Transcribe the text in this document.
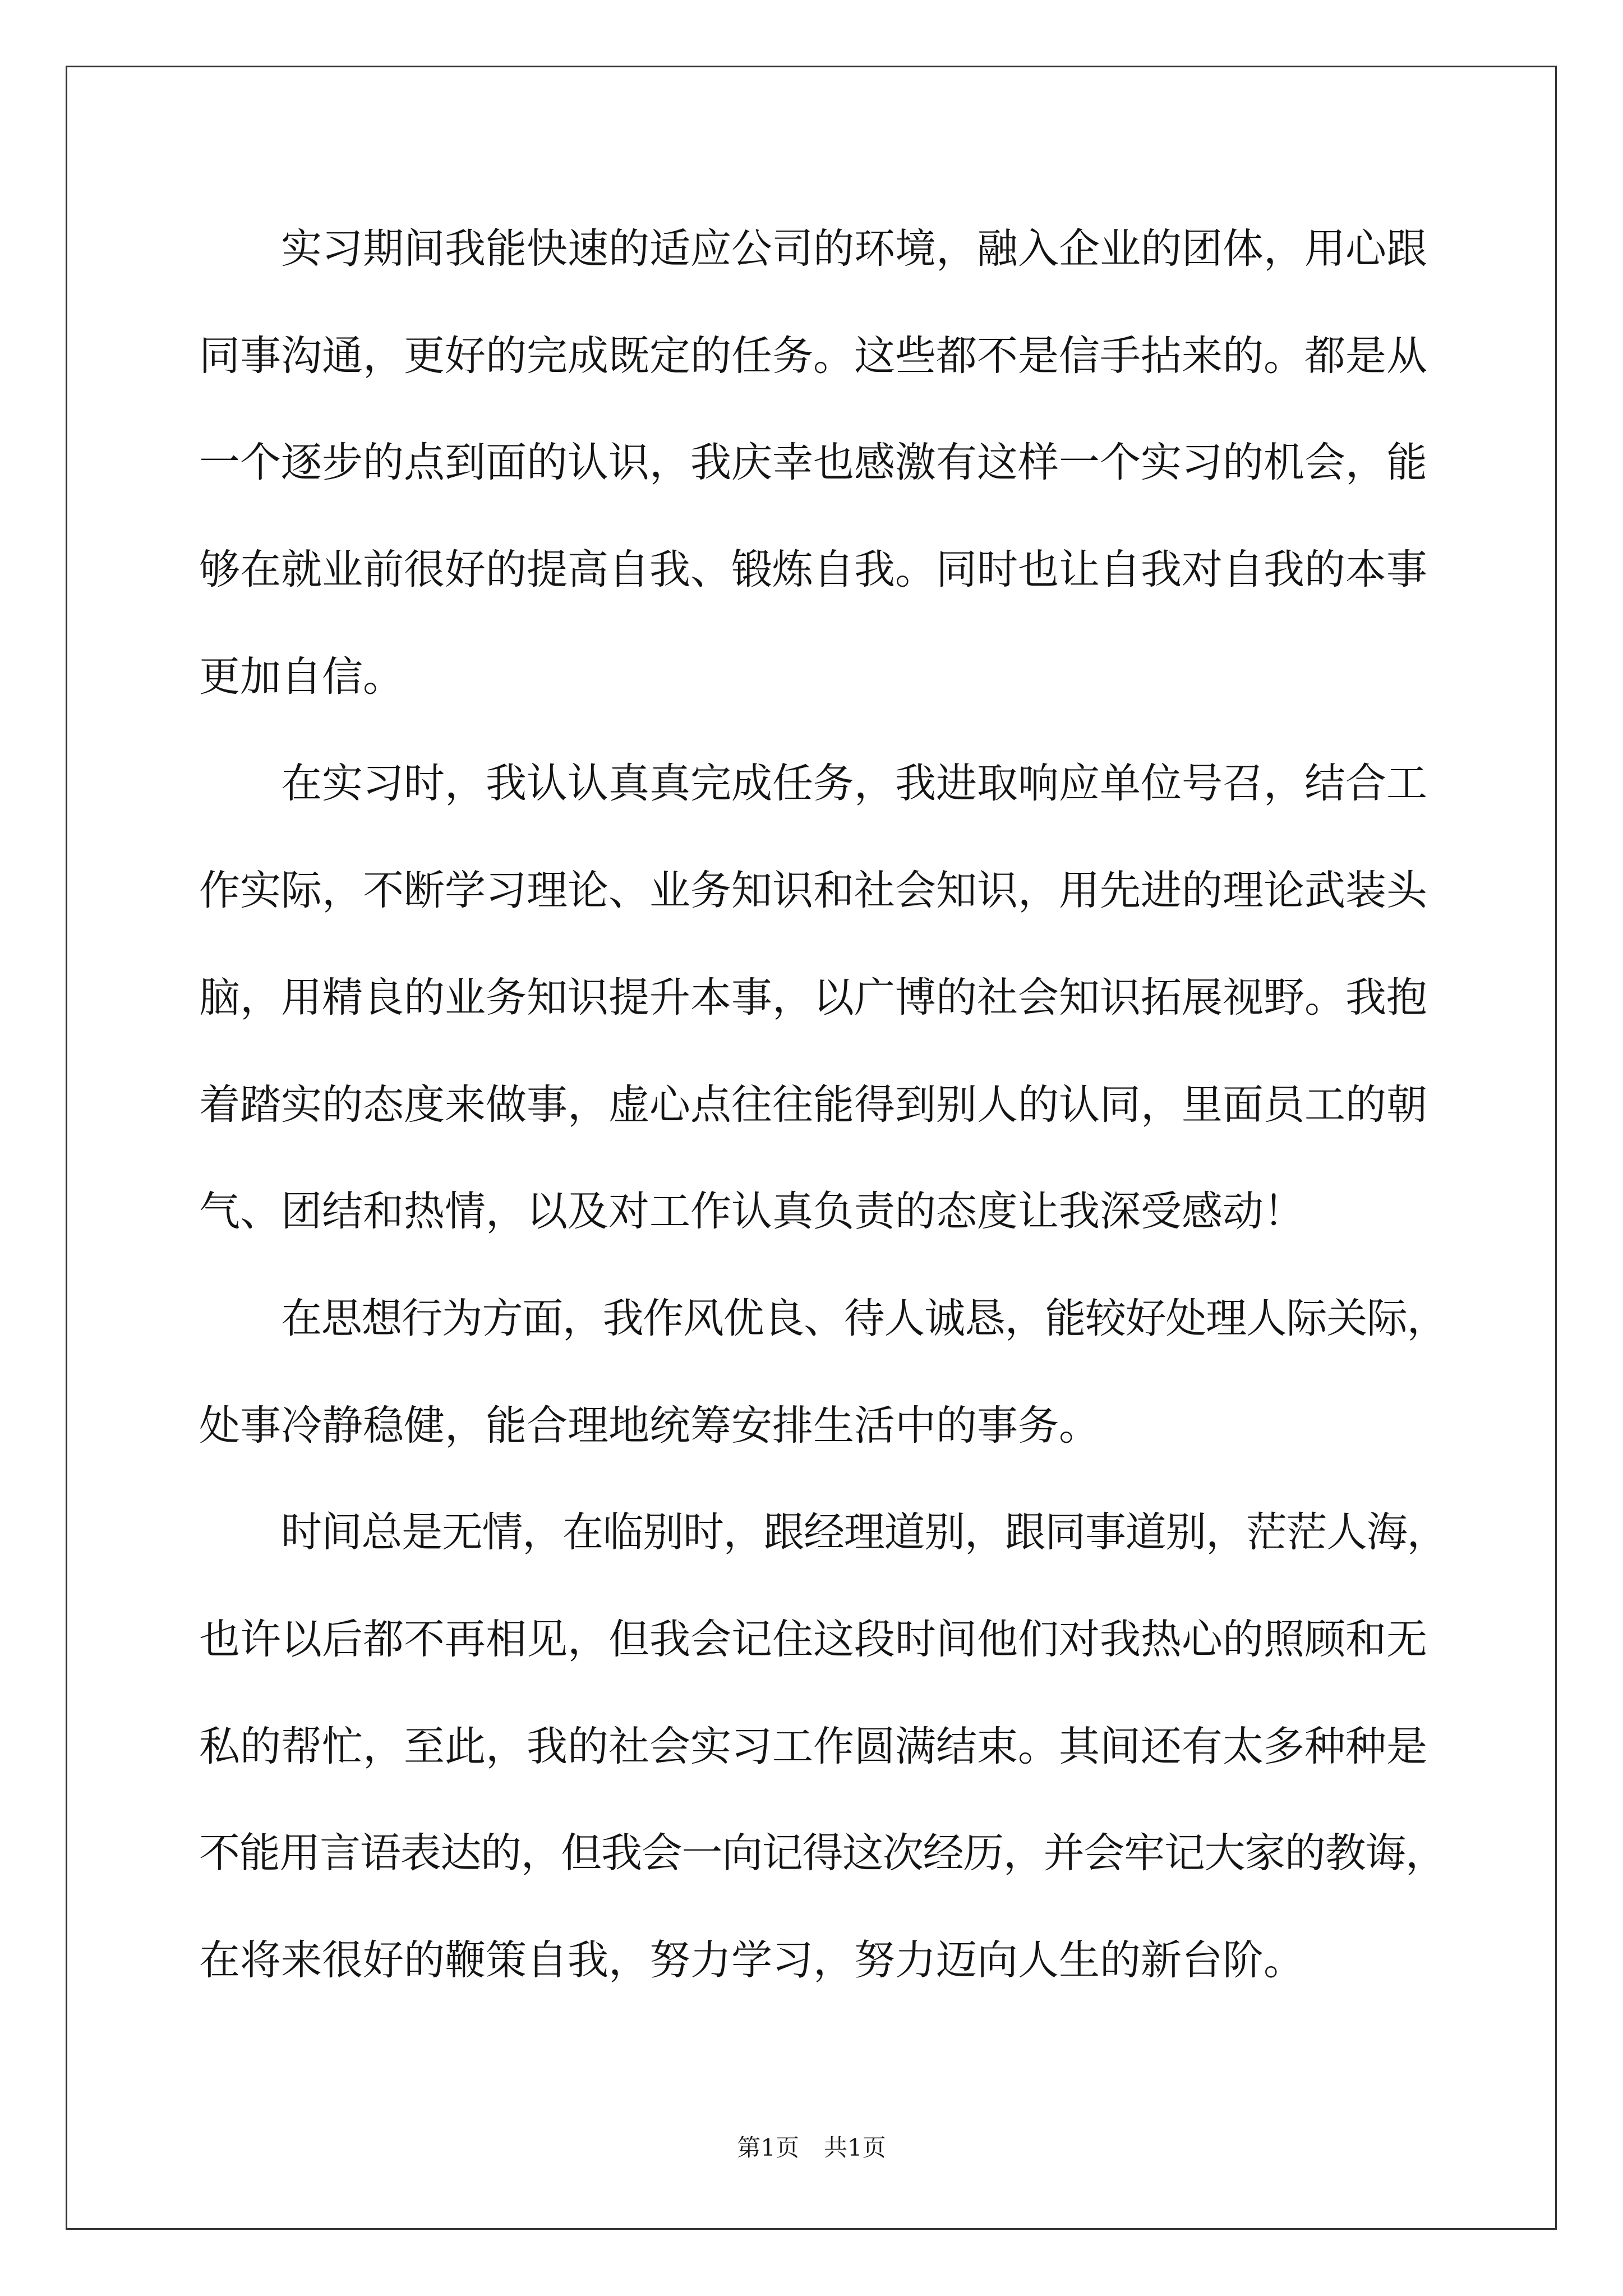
实习期间我能快速的适应公司的环境，融入企业的团体，用心跟
同事沟通，更好的完成既定的任务。这些都不是信手拈来的。都是从
一个逐步的点到面的认识，我庆幸也感激有这样一个实习的机会，能
够在就业前很好的提高自我、锻炼自我。同时也让自我对自我的本事
更加自信。
在实习时，我认认真真完成任务，我进取响应单位号召，结合工
作实际，不断学习理论、业务知识和社会知识，用先进的理论武装头
脑，用精良的业务知识提升本事，以广博的社会知识拓展视野。我抱
着踏实的态度来做事，虚心点往往能得到别人的认同，里面员工的朝
气、团结和热情，以及对工作认真负责的态度让我深受感动！
在思想行为方面，我作风优良、待人诚恳，能较好处理人际关际，
处事冷静稳健，能合理地统筹安排生活中的事务。
时间总是无情，在临别时，跟经理道别，跟同事道别，茫茫人海，
也许以后都不再相见，但我会记住这段时间他们对我热心的照顾和无
私的帮忙，至此，我的社会实习工作圆满结束。其间还有太多种种是
不能用言语表达的，但我会一向记得这次经历，并会牢记大家的教诲，
在将来很好的鞭策自我，努力学习，努力迈向人生的新台阶。
第1页 共1页
